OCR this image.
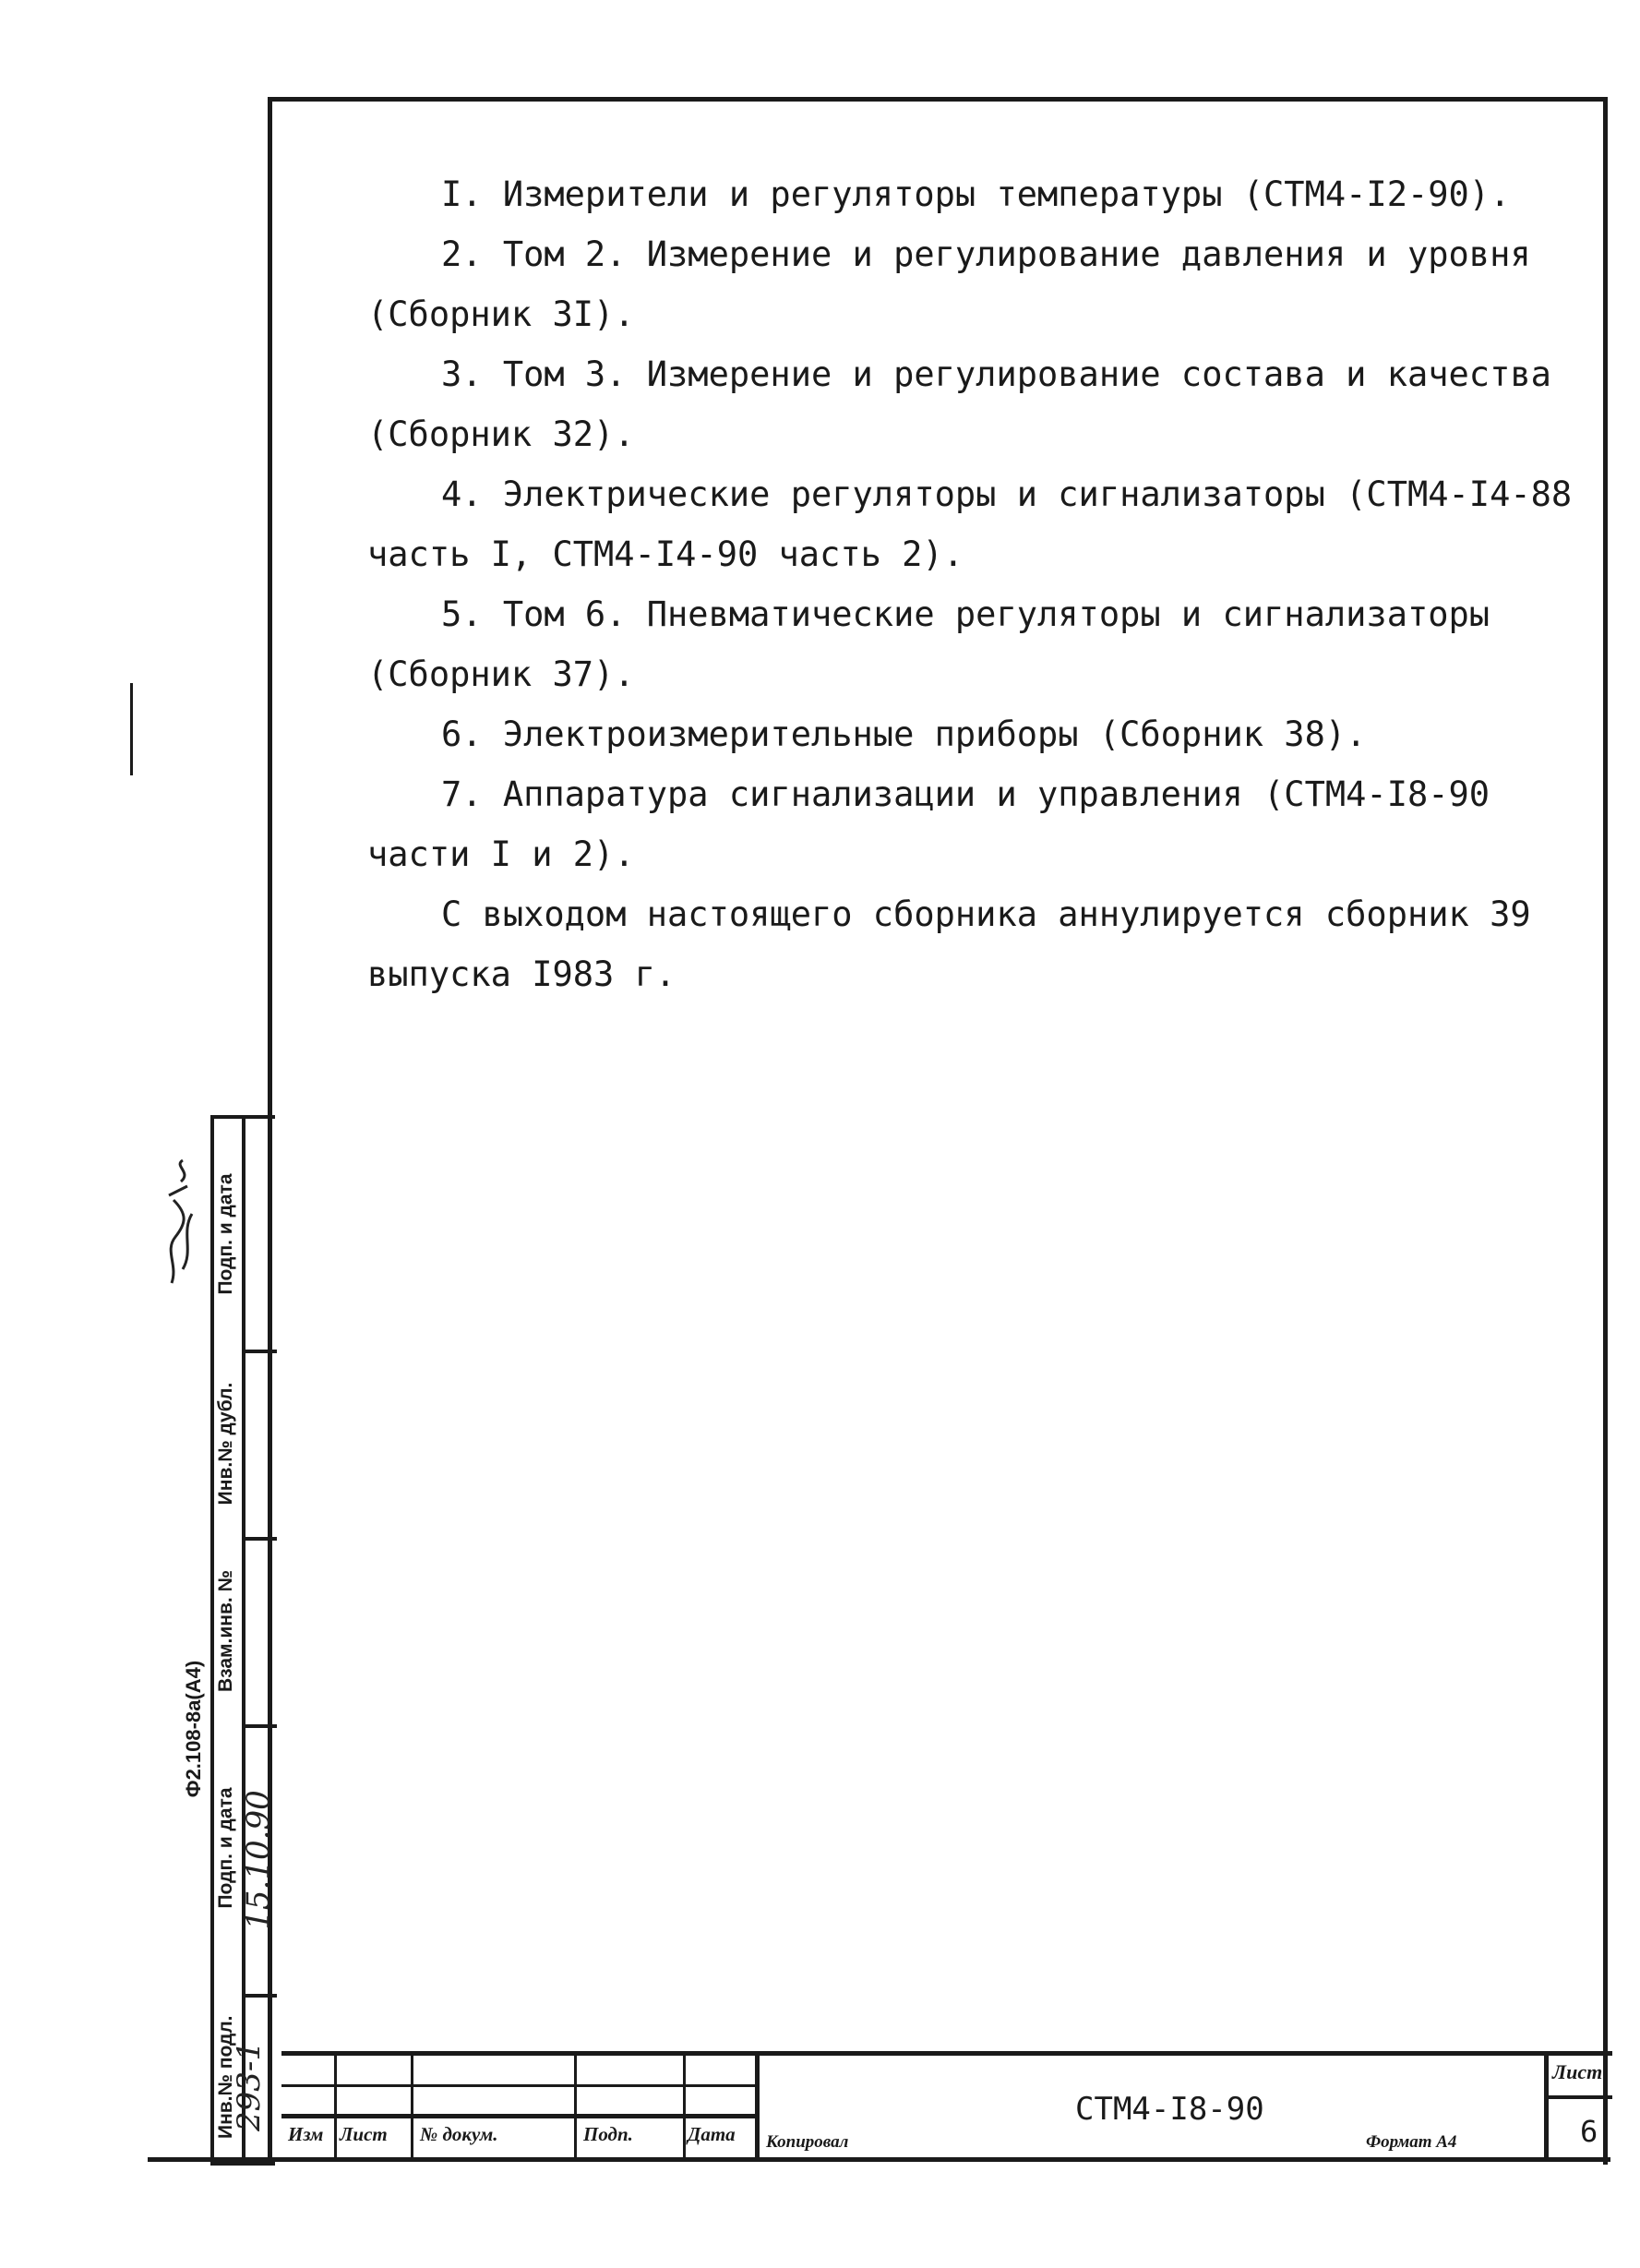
I. Измерители и регуляторы температуры (СТМ4-I2-90).

2. Том 2. Измерение и регулирование давления и уровня

(Сборник 3I).

3. Том 3. Измерение и регулирование состава и качества

(Сборник 32).

4. Электрические регуляторы и сигнализаторы (СТМ4-I4-88

часть I, СТМ4-I4-90 часть 2).

5. Том 6. Пневматические регуляторы и сигнализаторы

(Сборник 37).

6. Электроизмерительные приборы (Сборник 38).

7. Аппаратура сигнализации и управления (СТМ4-I8-90

части I и 2).

С выходом настоящего сборника аннулируется сборник 39

выпуска I983 г.

Инв.№ подл.
Подп. и дата
Взам.инв. №
Инв.№ дубл.
Подп. и дата
Ф2.108-8а(А4)
293-1
15.10.90
Изм Лист № докум.	Подп.	Дата
СТМ4-I8-90
Лист
6
Копировал	Формат А4
